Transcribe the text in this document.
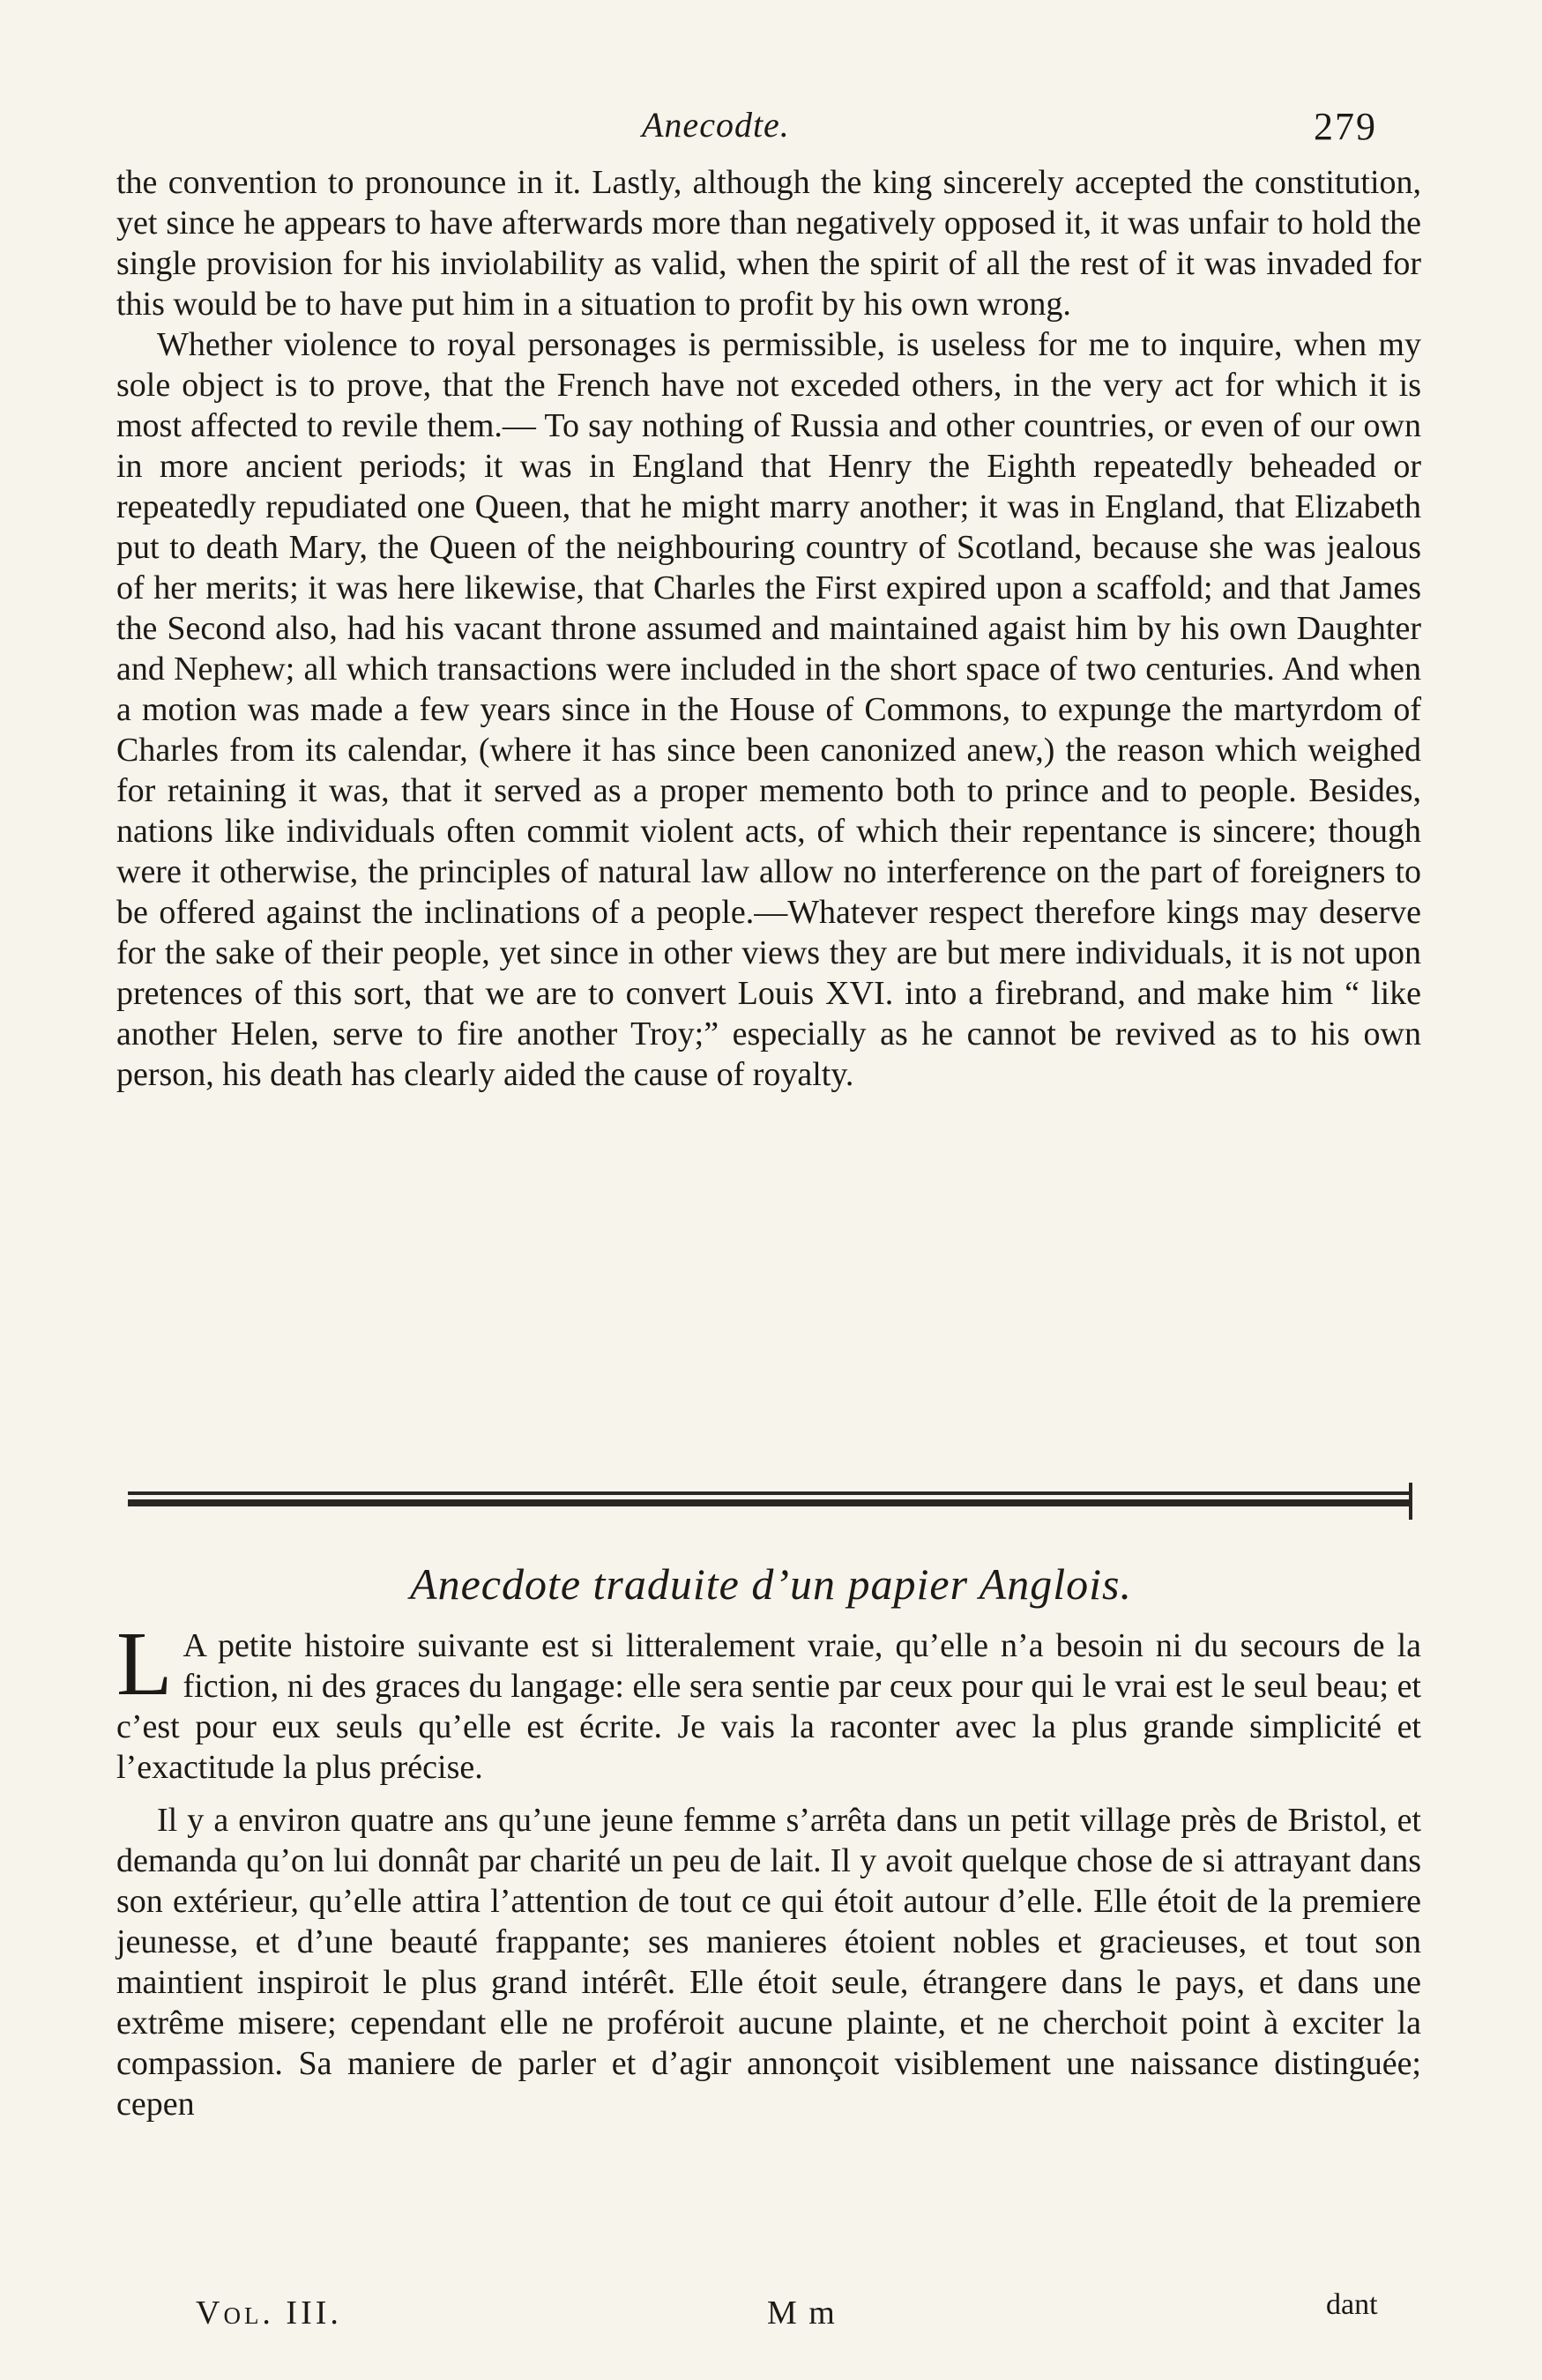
Anecodte.	279

the convention to pronounce in it. Lastly, although the king sincerely accepted the constitution, yet since he appears to have afterwards more than negatively opposed it, it was unfair to hold the single provision for his inviolability as valid, when the spirit of all the rest of it was invaded for this would be to have put him in a situation to profit by his own wrong.

Whether violence to royal personages is permissible, is useless for me to inquire, when my sole object is to prove, that the French have not exceded others, in the very act for which it is most affected to revile them.— To say nothing of Russia and other countries, or even of our own in more ancient periods; it was in England that Henry the Eighth repeatedly beheaded or repeatedly repudiated one Queen, that he might marry another; it was in England, that Elizabeth put to death Mary, the Queen of the neighbouring country of Scotland, because she was jealous of her merits; it was here likewise, that Charles the First expired upon a scaffold; and that James the Second also, had his vacant throne assumed and maintained agaist him by his own Daughter and Nephew; all which transactions were included in the short space of two centuries. And when a motion was made a few years since in the House of Commons, to expunge the martyrdom of Charles from its calendar, (where it has since been canonized anew,) the reason which weighed for retaining it was, that it served as a proper memento both to prince and to people. Besides, nations like individuals often commit violent acts, of which their repentance is sincere; though were it otherwise, the principles of natural law allow no interference on the part of foreigners to be offered against the inclinations of a people.—Whatever respect therefore kings may deserve for the sake of their people, yet since in other views they are but mere individuals, it is not upon pretences of this sort, that we are to convert Louis XVI. into a firebrand, and make him “ like another Helen, serve to fire another Troy;” especially as he cannot be revived as to his own person, his death has clearly aided the cause of royalty.

Anecdote traduite d’un papier Anglois.

L A petite histoire suivante est si litteralement vraie, qu’elle n’a besoin ni du secours de la fiction, ni des graces du langage: elle sera sentie par ceux pour qui le vrai est le seul beau; et c’est pour eux seuls qu’elle est écrite. Je vais la raconter avec la plus grande simplicité et l’exactitude la plus précise.

Il y a environ quatre ans qu’une jeune femme s’arrêta dans un petit village près de Bristol, et demanda qu’on lui donnât par charité un peu de lait. Il y avoit quelque chose de si attrayant dans son extérieur, qu’elle attira l’attention de tout ce qui étoit autour d’elle. Elle étoit de la premiere jeunesse, et d’une beauté frappante; ses manieres étoient nobles et gracieuses, et tout son maintient inspiroit le plus grand intérêt. Elle étoit seule, étrangere dans le pays, et dans une extrême misere; cependant elle ne proféroit aucune plainte, et ne cherchoit point à exciter la compassion. Sa maniere de parler et d’agir annonçoit visiblement une naissance distinguée; cepen

Vol. III.	M m	dant
